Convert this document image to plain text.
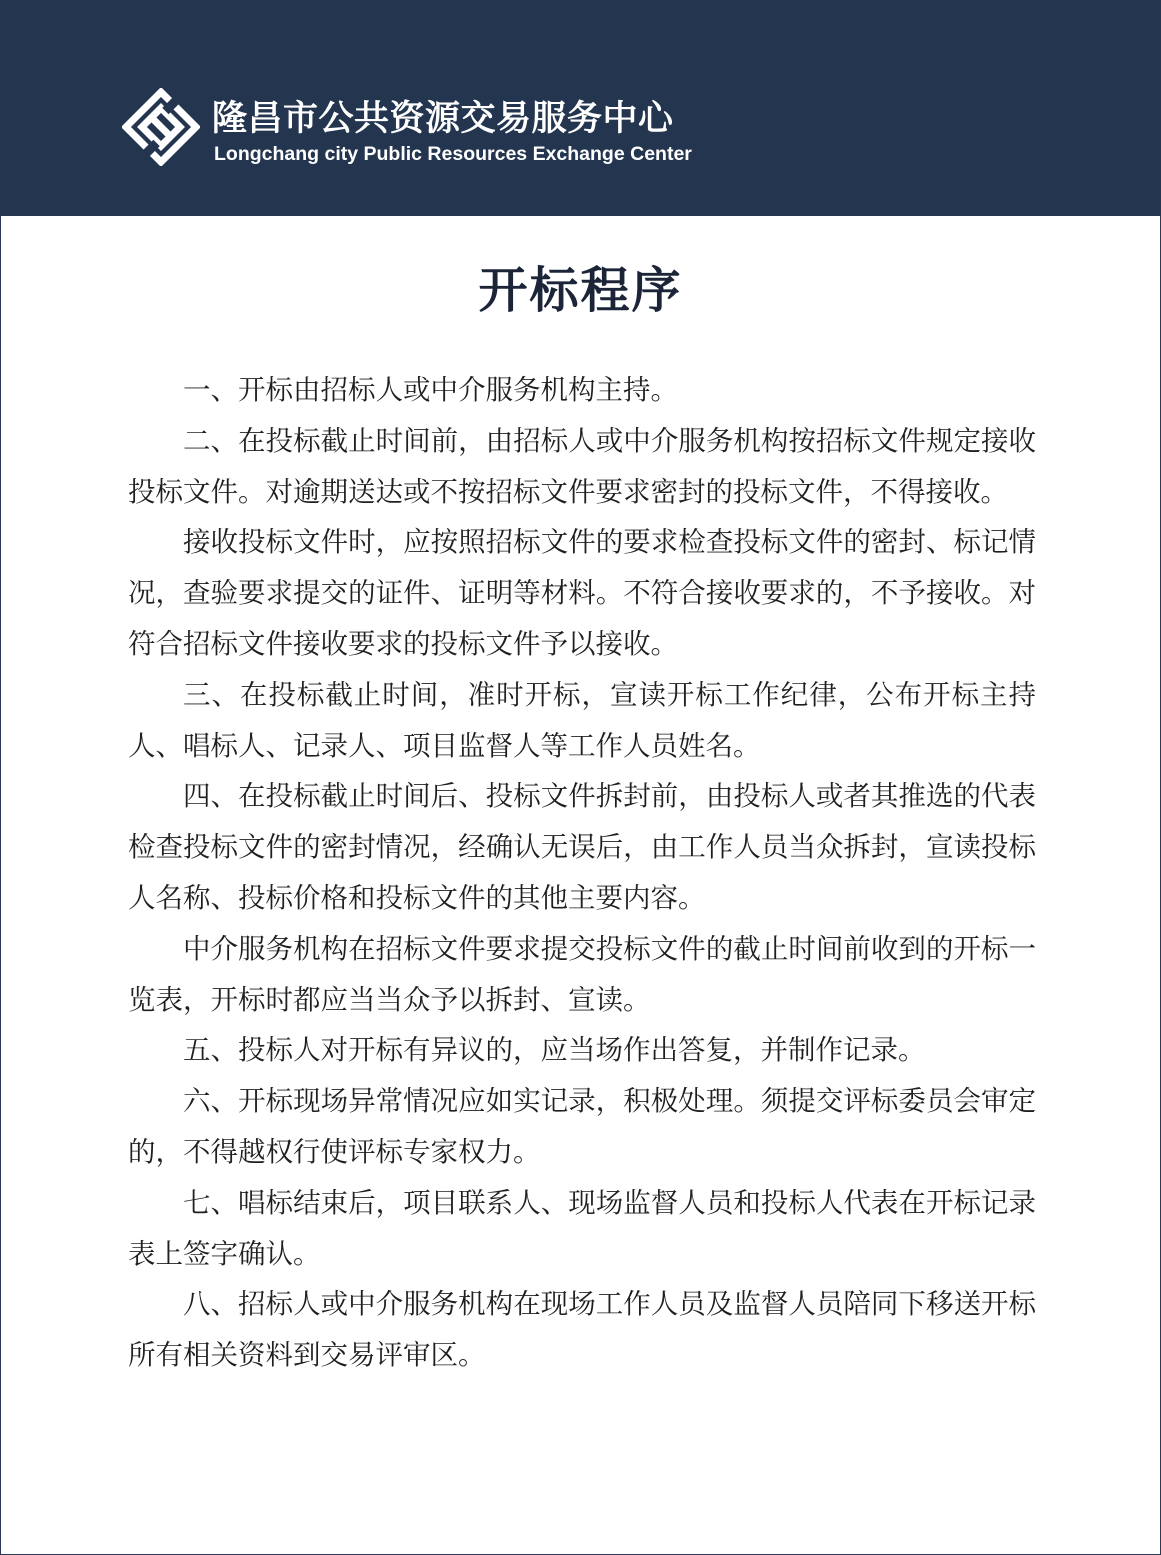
隆昌市公共资源交易服务中心
Longchang city Public Resources Exchange Center
开标程序

一、开标由招标人或中介服务机构主持。

二、在投标截止时间前，由招标人或中介服务机构按招标文件规定接收投标文件。对逾期送达或不按招标文件要求密封的投标文件，不得接收。

接收投标文件时，应按照招标文件的要求检查投标文件的密封、标记情况，查验要求提交的证件、证明等材料。不符合接收要求的，不予接收。对符合招标文件接收要求的投标文件予以接收。

三、在投标截止时间，准时开标，宣读开标工作纪律，公布开标主持人、唱标人、记录人、项目监督人等工作人员姓名。

四、在投标截止时间后、投标文件拆封前，由投标人或者其推选的代表检查投标文件的密封情况，经确认无误后，由工作人员当众拆封，宣读投标人名称、投标价格和投标文件的其他主要内容。

中介服务机构在招标文件要求提交投标文件的截止时间前收到的开标一览表，开标时都应当当众予以拆封、宣读。

五、投标人对开标有异议的，应当场作出答复，并制作记录。

六、开标现场异常情况应如实记录，积极处理。须提交评标委员会审定的，不得越权行使评标专家权力。

七、唱标结束后，项目联系人、现场监督人员和投标人代表在开标记录表上签字确认。

八、招标人或中介服务机构在现场工作人员及监督人员陪同下移送开标所有相关资料到交易评审区。
